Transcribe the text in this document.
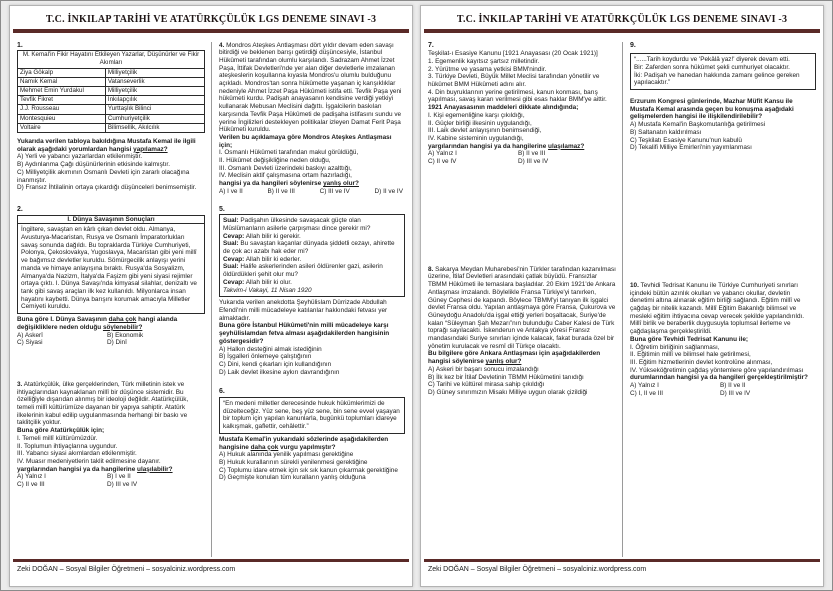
T.C. İNKILAP TARİHİ VE ATATÜRKÇÜLÜK LGS DENEME SINAVI -3
1.
M. Kemal'in Fikir Hayatını Etkileyen Yazarlar, Düşünürler ve Fikir Akımları	
Ziya Gökalp	Milliyetçilik
Namık Kemal	Vatanseverlik
Mehmet Emin Yurdakul	Milliyetçilik
Tevfik Fikret	İnkılapçılık
J.J. Rousseau	Yurttaşlık Bilinci
Montesquieu	Cumhuriyetçilik
Voltaire	Bilimsellik, Akılcılık
Yukarıda verilen tabloya bakıldığına Mustafa Kemal ile ilgili olarak aşağıdaki yorumlardan hangisi yapılamaz?
A) Yerli ve yabancı yazarlardan etkilenmiştir.
B) Aydınlanma Çağı düşünürlerinin etkisinde kalmıştır.
C) Milliyetçilik akımının Osmanlı Devleti için zararlı olacağına inanmıştır.
D) Fransız İhtilalinin ortaya çıkardığı düşünceleri benimsemiştir.
2.
I. Dünya Savaşının Sonuçları
İngiltere, savaştan en kârlı çıkan devlet oldu. Almanya, Avusturya-Macaristan, Rusya ve Osmanlı İmparatorlukları savaş sonunda dağıldı. Bu topraklarda Türkiye Cumhuriyeti, Polonya, Çekoslovakya, Yugoslavya, Macaristan gibi yeni millî ve bağımsız devletler kuruldu. Sömürgecilik anlayışı yerini manda ve himaye anlayışına bıraktı. Rusya'da Sosyalizm, Almanya'da Nazizm, İtalya'da Faşizm gibi yeni siyasi rejimler ortaya çıktı. I. Dünya Savaşı'nda kimyasal silahlar, denizaltı ve tank gibi savaş araçları ilk kez kullanıldı. Milyonlarca insan hayatını kaybetti. Dünya barışını korumak amacıyla Milletler Cemiyeti kuruldu.
Buna göre I. Dünya Savaşının daha çok hangi alanda değişikliklere neden olduğu söylenebilir?
A) Askerî	B) Ekonomik
C) Siyasi	D) Dinî
3. Atatürkçülük, ülke gerçeklerinden, Türk milletinin istek ve ihtiyaçlarından kaynaklanan millî bir düşünce sistemidir. Bu özelliğiyle dışarıdan alınmış bir ideoloji değildir. Atatürkçülük, temeli millî kültürümüze dayanan bir yapıya sahiptir. Atatürk ilkelerinin kabul edilip uygulanmasında herhangi bir baskı ve taklitçilik yoktur.
Buna göre Atatürkçülük için;
I. Temeli millî kültürümüzdür.
II. Toplumun ihtiyaçlarına uygundur.
III. Yabancı siyasi akımlardan etkilenmiştir.
IV. Muasır medeniyetlerin taklit edilmesine dayanır.
yargılarından hangisi ya da hangilerine ulaşılabilir?
A) Yalnız I	B) I ve II
C) II ve III	D) III ve IV
4. Mondros Ateşkes Antlaşması dört yıldır devam eden savaşı bitirdiği ve beklenen barışı getirdiği düşüncesiyle, İstanbul Hükûmeti tarafından olumlu karşılandı. Sadrazam Ahmet İzzet Paşa, İttifak Devletleri'nde yer alan diğer devletlerle imzalanan ateşkeslerin koşullarına kıyasla Mondros'u olumlu bulduğunu açıkladı. Mondros'tan sonra hükûmette yaşanan iç karışıklıklar nedeniyle Ahmet İzzet Paşa Hükûmeti istifa etti. Tevfik Paşa yeni hükûmeti kurdu. Padişah anayasanın kendisine verdiği yetkiyi kullanarak Mebusan Meclisini dağıttı. İşgalcilerin baskıları karşısında Tevfik Paşa Hükûmeti de padişaha istifasını sundu ve yerine İngilizleri destekleyen politikalar izleyen Damat Ferit Paşa Hükûmeti kuruldu.
Verilen bu açıklamaya göre Mondros Ateşkes Antlaşması için;
I. Osmanlı Hükûmeti tarafından makul görüldüğü,
II. Hükûmet değişikliğine neden olduğu,
III. Osmanlı Devleti üzerindeki baskıyı azalttığı,
IV. Meclisin aktif çalışmasına ortam hazırladığı,
hangisi ya da hangileri söylenirse yanlış olur?
A) I ve II	B) II ve III	C) III ve IV	D) II ve IV
5.
Sual: Padişahın ülkesinde savaşacak güçte olan Müslümanların asilerle çarpışması dince gerekir mi?
Cevap: Allah bilir ki gerekir.
Sual: Bu savaştan kaçanlar dünyada şiddetli cezayı, ahirette de çok acı azabı hak eder mi?
Cevap: Allah bilir ki ederler.
Sual: Halife askerlerinden asileri öldürenler gazi, asilerin öldürdükleri şehit olur mu?
Cevap: Allah bilir ki olur.
Takvim-i Vakayi, 11 Nisan 1920
Yukarıda verilen anekdotta Şeyhülislam Dürrizade Abdullah Efendi'nin milli mücadeleye katılanlar hakkındaki fetvası yer almaktadır.
Buna göre İstanbul Hükûmeti'nin milli mücadeleye karşı şeyhülislamdan fetva alması aşağıdakilerden hangisinin göstergesidir?
A) Halkın desteğini almak istediğinin
B) İşgalleri önlemeye çalıştığının
C) Dini, kendi çıkarları için kullandığının
D) Laik devlet ilkesine aykırı davrandığının
6.
“En medeni milletler derecesinde hukuk hükümlerimizi de düzelteceğiz. Yüz sene, beş yüz sene, bin sene evvel yaşayan bir toplum için yapılan kanunlarla, bugünkü toplumları idareye kalkışmak, gaflettir, cehâlettir.”
Mustafa Kemal'in yukarıdaki sözlerinde aşağıdakilerden hangisine daha çok vurgu yapılmıştır?
A) Hukuk alanında yenilik yapılması gerektiğine
B) Hukuk kurallarının sürekli yenilenmesi gerektiğine
C) Toplumu idare etmek için sık sık kanun çıkarmak gerektiğine
D) Geçmişte konulan tüm kuralların yanlış olduğuna
Zeki DOĞAN – Sosyal Bilgiler Öğretmeni – sosyalciniz.wordpress.com
T.C. İNKILAP TARİHİ VE ATATÜRKÇÜLÜK LGS DENEME SINAVI -3
7.
Teşkilat-ı Esasiye Kanunu [1921 Anayasası (20 Ocak 1921)]
1. Egemenlik kayıtsız şartsız milletindir.
2. Yürütme ve yasama yetkisi BMM'nindir.
3. Türkiye Devleti, Büyük Millet Meclisi tarafından yönetilir ve hükûmet BMM Hükûmeti adını alır.
4. Din buyruklarının yerine getirilmesi, kanun konması, barış yapılması, savaş kararı verilmesi gibi esas haklar BMM'ye aittir.
1921 Anayasasının maddeleri dikkate alındığında;
I. Kişi egemenliğine karşı çıkıldığı,
II. Güçler birliği ilkesinin uygulandığı,
III. Laik devlet anlayışının benimsendiği,
IV. Kabine sisteminin uygulandığı,
yargılarından hangisi ya da hangilerine ulaşılamaz?
A) Yalnız I	B) II ve III
C) II ve IV	D) III ve IV
8. Sakarya Meydan Muharebesi'nin Türkler tarafından kazanılması üzerine, İtilaf Devletleri arasındaki çatlak büyüdü. Fransızlar TBMM Hükûmeti ile temaslara başladılar. 20 Ekim 1921'de Ankara Antlaşması imzalandı. Böylelikle Fransa Türkiye'yi tanırken, Güney Cephesi de kapandı. Böylece TBMM'yi tanıyan ilk işgalci devlet Fransa oldu. Yapılan antlaşmaya göre Fransa, Çukurova ve Güneydoğu Anadolu'da işgal ettiği yerleri boşaltacak, Suriye'de kalan “Süleyman Şah Mezarı”nın bulunduğu Caber Kalesi de Türk toprağı sayılacaktı. İskenderun ve Antakya yöresi Fransız mandasındaki Suriye sınırları içinde kalacak, fakat burada özel bir yönetim kurulacak ve resmî dil Türkçe olacaktı.
Bu bilgilere göre Ankara Antlaşması için aşağıdakilerden hangisi söylenirse yanlış olur?
A) Askeri bir başarı sonucu imzalandığı
B) İlk kez bir İtilaf Devletinin TBMM Hükûmetini tanıdığı
C) Tarihi ve kültürel mirasa sahip çıkıldığı
D) Güney sınırımızın Misakı Milliye uygun olarak çizildiği
9.
“......Tarih koydurdu ve 'Pekâlâ yaz!' diyerek devam etti.
Bir: Zaferden sonra hükûmet şekli cumhuriyet olacaktır.
İki: Padişah ve hanedan hakkında zamanı gelince gereken yapılacaktır.”
Erzurum Kongresi günlerinde, Mazhar Müfit Kansu ile Mustafa Kemal arasında geçen bu konuşma aşağıdaki gelişmelerden hangisi ile ilişkilendirilebilir?
A) Mustafa Kemal'in Başkomutanlığa getirilmesi
B) Saltanatın kaldırılması
C) Teşkilatı Esasiye Kanunu'nun kabulü
D) Tekalifi Milliye Emirleri'nin yayımlanması
10. Tevhidi Tedrisat Kanunu ile Türkiye Cumhuriyeti sınırları içindeki bütün azınlık okulları ve yabancı okullar, devletin denetimi altına alınarak eğitim birliği sağlandı. Eğitim millî ve çağdaş bir nitelik kazandı. Millî Eğitim Bakanlığı bilimsel ve mesleki eğitim ihtiyacına cevap verecek şekilde yapılandırıldı. Millî birlik ve beraberlik duygusuyla toplumsal ilerleme ve çağdaşlaşma gerçekleştirildi.
Buna göre Tevhidi Tedrisat Kanunu ile;
I. Öğretim birliğinin sağlanması,
II. Eğitimin millî ve bilimsel hale getirilmesi,
III. Eğitim hizmetlerinin devlet kontrolüne alınması,
IV. Yükseköğretimin çağdaş yöntemlere göre yapılandırılması
durumlarından hangisi ya da hangileri gerçekleştirilmiştir?
A) Yalnız I	B) II ve II
C) I, II ve III	D) III ve IV
Zeki DOĞAN – Sosyal Bilgiler Öğretmeni – sosyalciniz.wordpress.com
